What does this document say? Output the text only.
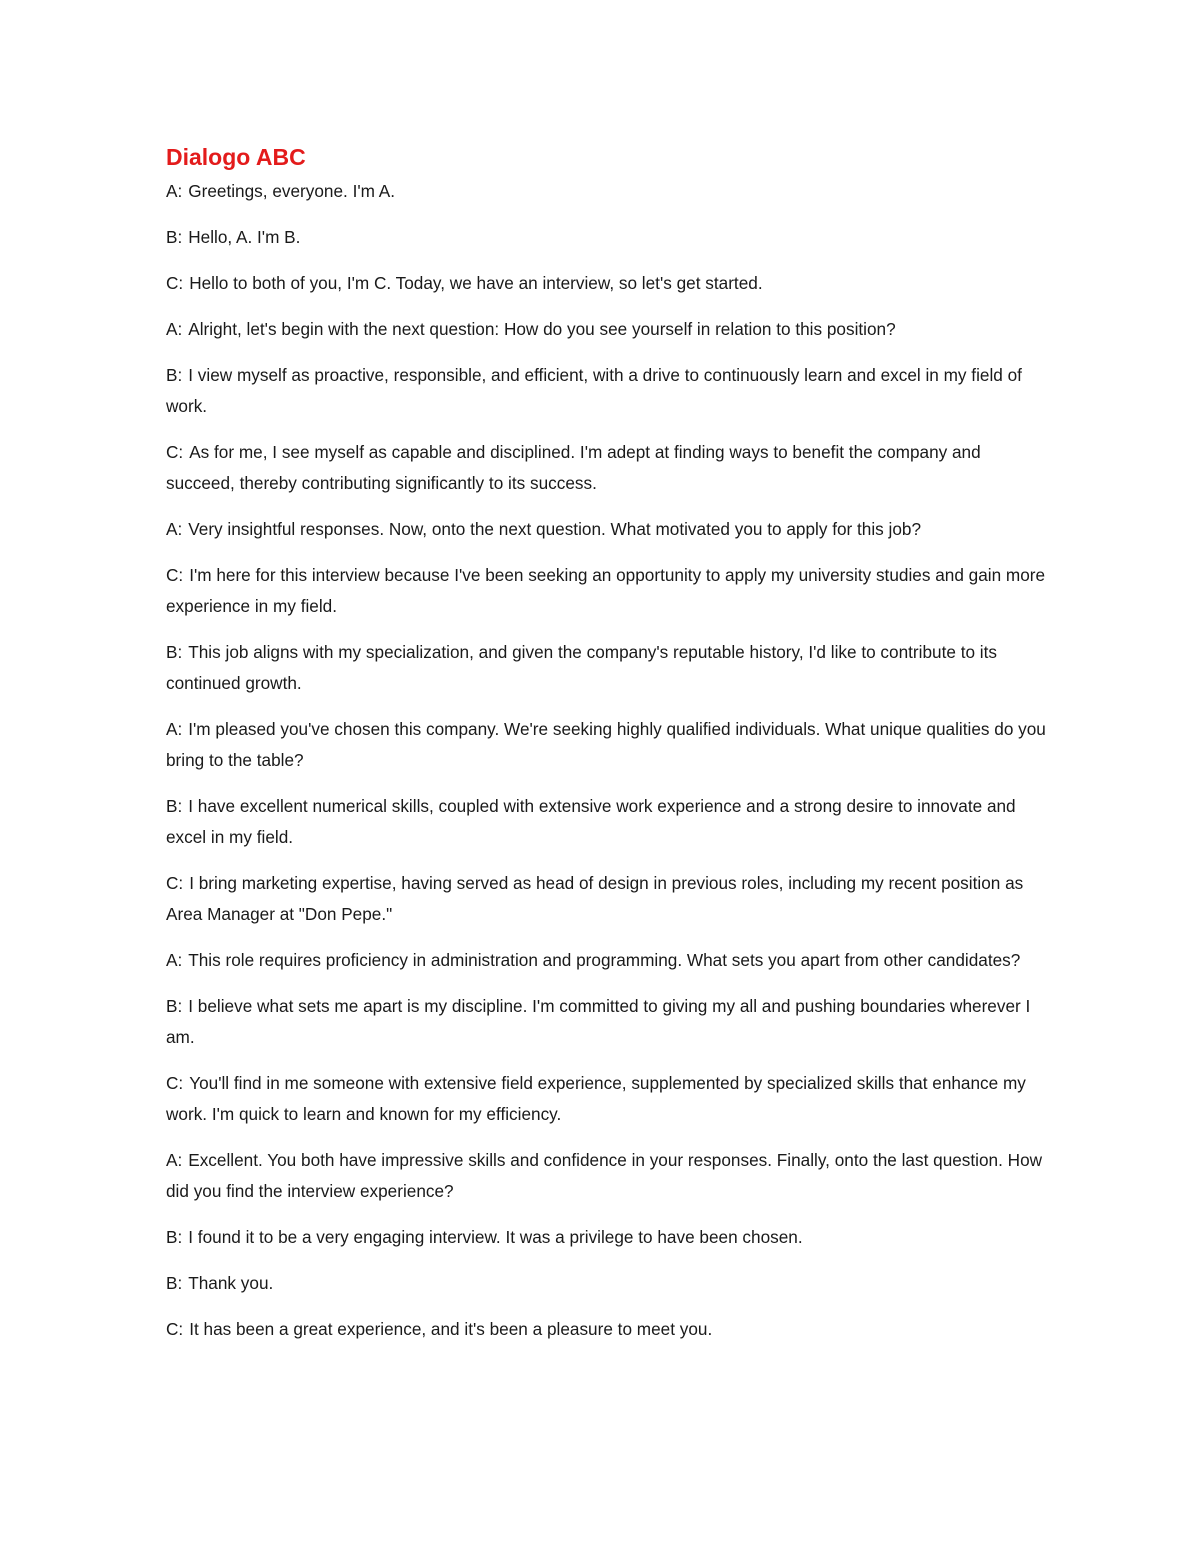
Dialogo ABC

A: Greetings, everyone. I'm A.

B: Hello, A. I'm B.

C: Hello to both of you, I'm C. Today, we have an interview, so let's get started.

A: Alright, let's begin with the next question: How do you see yourself in relation to this position?

B: I view myself as proactive, responsible, and efficient, with a drive to continuously learn and excel in my field of work.

C: As for me, I see myself as capable and disciplined. I'm adept at finding ways to benefit the company and succeed, thereby contributing significantly to its success.

A: Very insightful responses. Now, onto the next question. What motivated you to apply for this job?

C: I'm here for this interview because I've been seeking an opportunity to apply my university studies and gain more experience in my field.

B: This job aligns with my specialization, and given the company's reputable history, I'd like to contribute to its continued growth.

A: I'm pleased you've chosen this company. We're seeking highly qualified individuals. What unique qualities do you bring to the table?

B: I have excellent numerical skills, coupled with extensive work experience and a strong desire to innovate and excel in my field.

C: I bring marketing expertise, having served as head of design in previous roles, including my recent position as Area Manager at "Don Pepe."

A: This role requires proficiency in administration and programming. What sets you apart from other candidates?

B: I believe what sets me apart is my discipline. I'm committed to giving my all and pushing boundaries wherever I am.

C: You'll find in me someone with extensive field experience, supplemented by specialized skills that enhance my work. I'm quick to learn and known for my efficiency.

A: Excellent. You both have impressive skills and confidence in your responses. Finally, onto the last question. How did you find the interview experience?

B: I found it to be a very engaging interview. It was a privilege to have been chosen.

B: Thank you.

C: It has been a great experience, and it's been a pleasure to meet you.
